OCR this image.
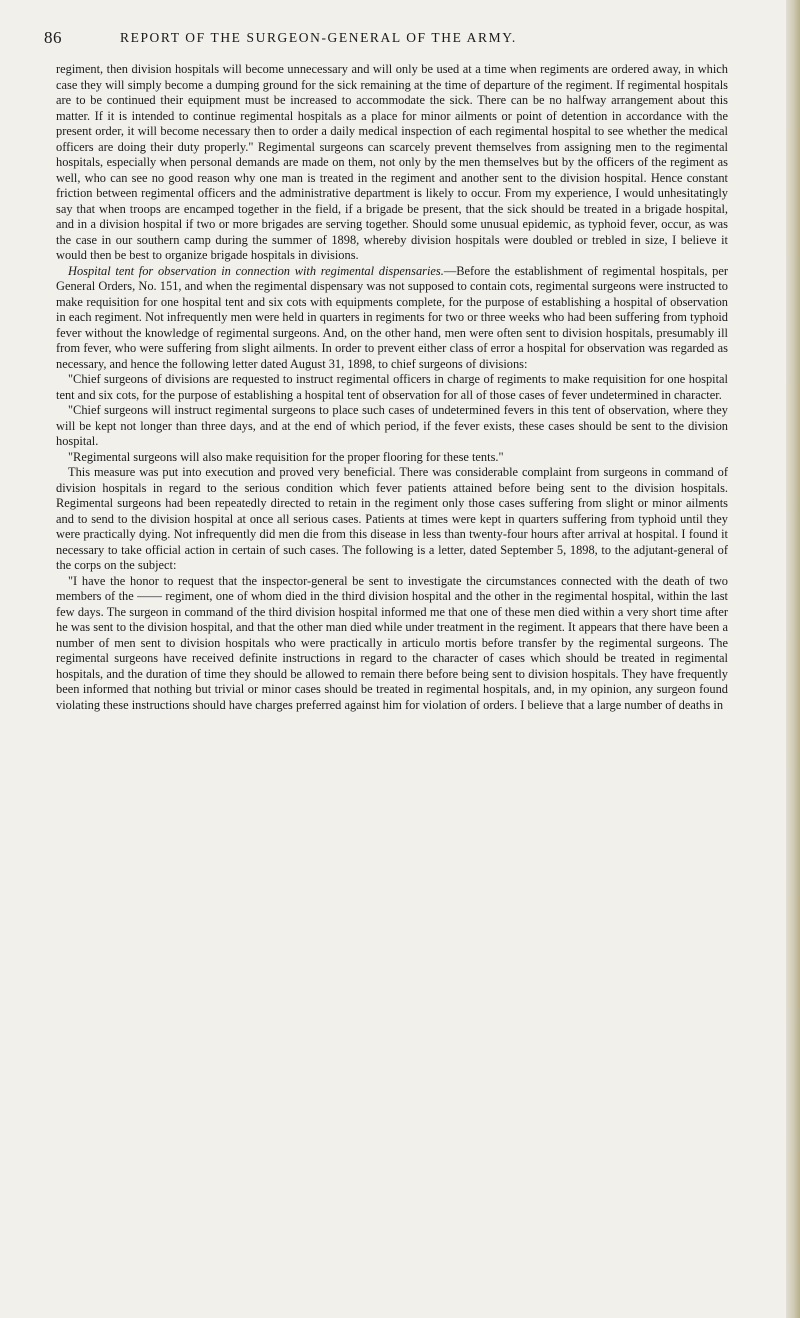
86	REPORT OF THE SURGEON-GENERAL OF THE ARMY.

regiment, then division hospitals will become unnecessary and will only be used at a time when regiments are ordered away, in which case they will simply become a dumping ground for the sick remaining at the time of departure of the regiment. If regimental hospitals are to be continued their equipment must be increased to accommodate the sick. There can be no halfway arrangement about this matter. If it is intended to continue regimental hospitals as a place for minor ailments or point of detention in accordance with the present order, it will become necessary then to order a daily medical inspection of each regimental hospital to see whether the medical officers are doing their duty properly." Regimental surgeons can scarcely prevent themselves from assigning men to the regimental hospitals, especially when personal demands are made on them, not only by the men themselves but by the officers of the regiment as well, who can see no good reason why one man is treated in the regiment and another sent to the division hospital. Hence constant friction between regimental officers and the administrative department is likely to occur. From my experience, I would unhesitatingly say that when troops are encamped together in the field, if a brigade be present, that the sick should be treated in a brigade hospital, and in a division hospital if two or more brigades are serving together. Should some unusual epidemic, as typhoid fever, occur, as was the case in our southern camp during the summer of 1898, whereby division hospitals were doubled or trebled in size, I believe it would then be best to organize brigade hospitals in divisions.

Hospital tent for observation in connection with regimental dispensaries.—Before the establishment of regimental hospitals, per General Orders, No. 151, and when the regimental dispensary was not supposed to contain cots, regimental surgeons were instructed to make requisition for one hospital tent and six cots with equipments complete, for the purpose of establishing a hospital of observation in each regiment. Not infrequently men were held in quarters in regiments for two or three weeks who had been suffering from typhoid fever without the knowledge of regimental surgeons. And, on the other hand, men were often sent to division hospitals, presumably ill from fever, who were suffering from slight ailments. In order to prevent either class of error a hospital for observation was regarded as necessary, and hence the following letter dated August 31, 1898, to chief surgeons of divisions:

"Chief surgeons of divisions are requested to instruct regimental officers in charge of regiments to make requisition for one hospital tent and six cots, for the purpose of establishing a hospital tent of observation for all of those cases of fever undetermined in character.

"Chief surgeons will instruct regimental surgeons to place such cases of undetermined fevers in this tent of observation, where they will be kept not longer than three days, and at the end of which period, if the fever exists, these cases should be sent to the division hospital.

"Regimental surgeons will also make requisition for the proper flooring for these tents."

This measure was put into execution and proved very beneficial. There was considerable complaint from surgeons in command of division hospitals in regard to the serious condition which fever patients attained before being sent to the division hospitals. Regimental surgeons had been repeatedly directed to retain in the regiment only those cases suffering from slight or minor ailments and to send to the division hospital at once all serious cases. Patients at times were kept in quarters suffering from typhoid until they were practically dying. Not infrequently did men die from this disease in less than twenty-four hours after arrival at hospital. I found it necessary to take official action in certain of such cases. The following is a letter, dated September 5, 1898, to the adjutant-general of the corps on the subject:

"I have the honor to request that the inspector-general be sent to investigate the circumstances connected with the death of two members of the —— regiment, one of whom died in the third division hospital and the other in the regimental hospital, within the last few days. The surgeon in command of the third division hospital informed me that one of these men died within a very short time after he was sent to the division hospital, and that the other man died while under treatment in the regiment. It appears that there have been a number of men sent to division hospitals who were practically in articulo mortis before transfer by the regimental surgeons. The regimental surgeons have received definite instructions in regard to the character of cases which should be treated in regimental hospitals, and the duration of time they should be allowed to remain there before being sent to division hospitals. They have frequently been informed that nothing but trivial or minor cases should be treated in regimental hospitals, and, in my opinion, any surgeon found violating these instructions should have charges preferred against him for violation of orders. I believe that a large number of deaths in
